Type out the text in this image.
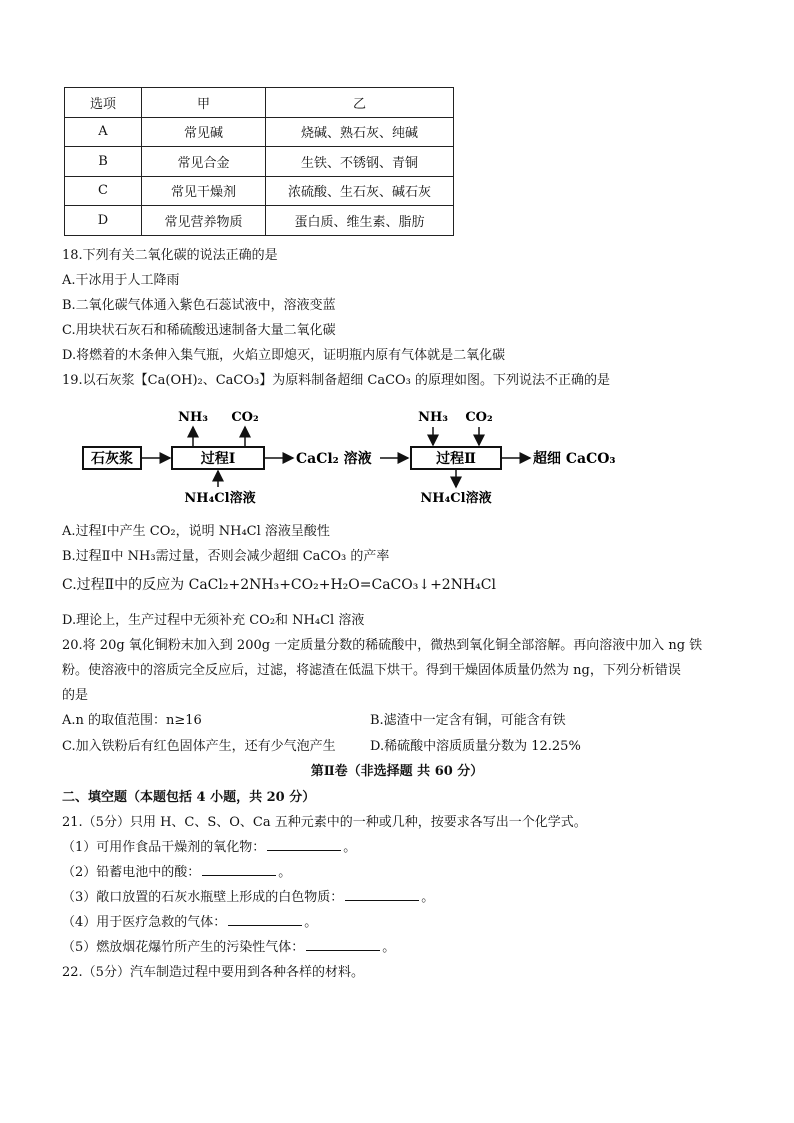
选项	甲	乙
A	常见碱	烧碱、熟石灰、纯碱
B	常见合金	生铁、不锈钢、青铜
C	常见干燥剂	浓硫酸、生石灰、碱石灰
D	常见营养物质	蛋白质、维生素、脂肪
18.下列有关二氧化碳的说法正确的是
A.干冰用于人工降雨
B.二氧化碳气体通入紫色石蕊试液中，溶液变蓝
C.用块状石灰石和稀硫酸迅速制备大量二氧化碳
D.将燃着的木条伸入集气瓶，火焰立即熄灭，证明瓶内原有气体就是二氧化碳
19.以石灰浆【Ca(OH)₂、CaCO₃】为原料制备超细 CaCO₃ 的原理如图。下列说法不正确的是
石灰浆	过程Ⅰ
NH₃ CO₂
NH₄Cl溶液
CaCl₂ 溶液	过程Ⅱ
NH₃ CO₂
NH₄Cl溶液
超细 CaCO₃
A.过程Ⅰ中产生 CO₂，说明 NH₄Cl 溶液呈酸性
B.过程Ⅱ中 NH₃需过量，否则会减少超细 CaCO₃ 的产率
C.过程Ⅱ中的反应为 CaCl₂+2NH₃+CO₂+H₂O=CaCO₃↓+2NH₄Cl
D.理论上，生产过程中无须补充 CO₂和 NH₄Cl 溶液
20.将 20g 氧化铜粉末加入到 200g 一定质量分数的稀硫酸中，微热到氧化铜全部溶解。再向溶液中加入 ng 铁
粉。使溶液中的溶质完全反应后，过滤，将滤渣在低温下烘干。得到干燥固体质量仍然为 ng，下列分析错误
的是
A.n 的取值范围：n≥16	B.滤渣中一定含有铜，可能含有铁
C.加入铁粉后有红色固体产生，还有少气泡产生	D.稀硫酸中溶质质量分数为 12.25%
第Ⅱ卷（非选择题 共 60 分）
二、填空题（本题包括 4 小题，共 20 分）
21.（5分）只用 H、C、S、O、Ca 五种元素中的一种或几种，按要求各写出一个化学式。
（1）可用作食品干燥剂的氧化物：	。
（2）铅蓄电池中的酸：	。
（3）敞口放置的石灰水瓶壁上形成的白色物质：	。
（4）用于医疗急救的气体：	。
（5）燃放烟花爆竹所产生的污染性气体：	。
22.（5分）汽车制造过程中要用到各种各样的材料。
